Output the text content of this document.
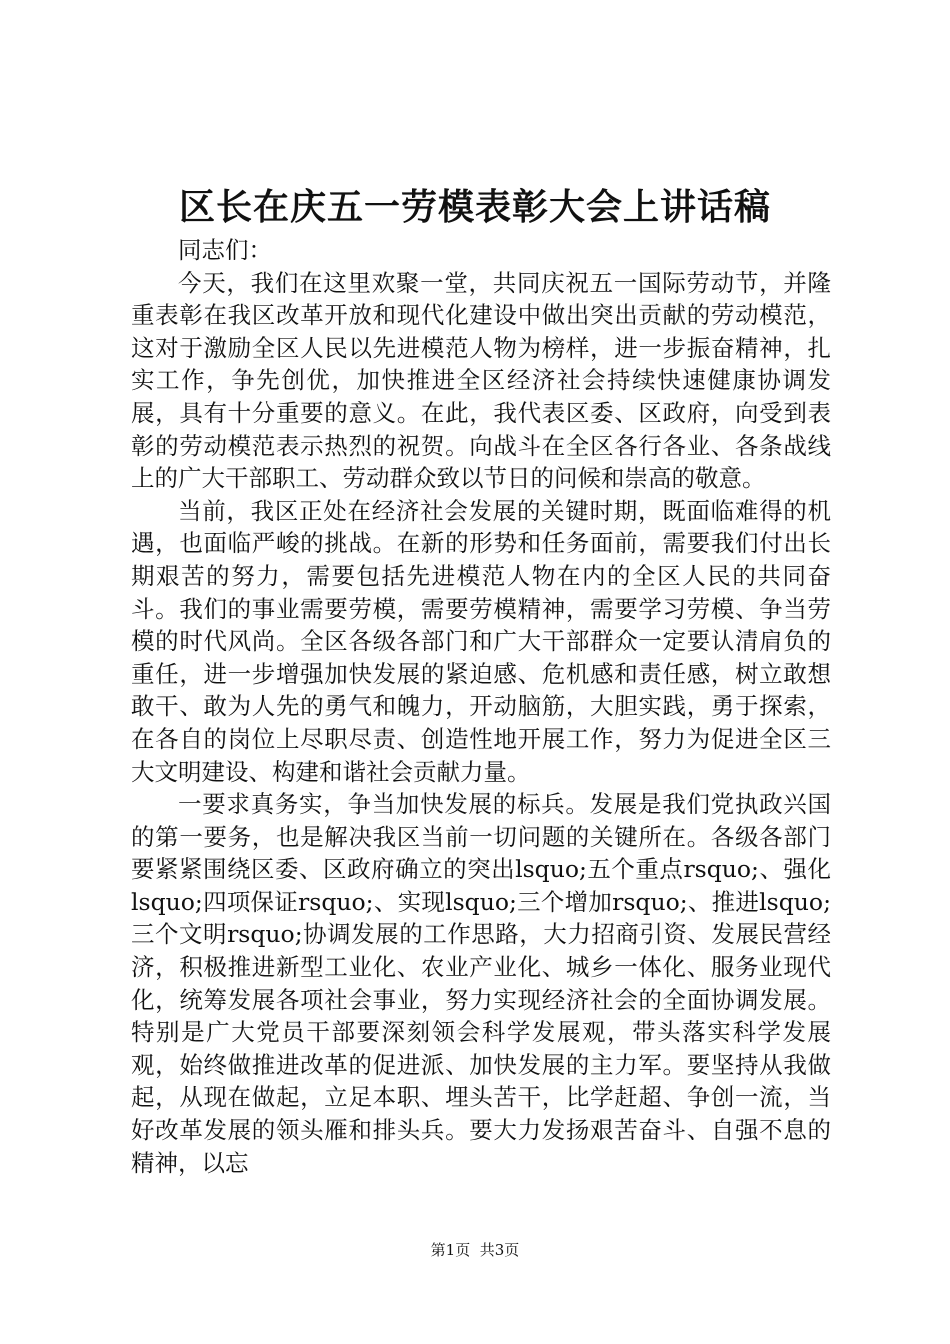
区长在庆五一劳模表彰大会上讲话稿

同志们：

今天，我们在这里欢聚一堂，共同庆祝五一国际劳动节，并隆重表彰在我区改革开放和现代化建设中做出突出贡献的劳动模范，这对于激励全区人民以先进模范人物为榜样，进一步振奋精神，扎实工作，争先创优，加快推进全区经济社会持续快速健康协调发展，具有十分重要的意义。在此，我代表区委、区政府，向受到表彰的劳动模范表示热烈的祝贺。向战斗在全区各行各业、各条战线上的广大干部职工、劳动群众致以节日的问候和崇高的敬意。

当前，我区正处在经济社会发展的关键时期，既面临难得的机遇，也面临严峻的挑战。在新的形势和任务面前，需要我们付出长期艰苦的努力，需要包括先进模范人物在内的全区人民的共同奋斗。我们的事业需要劳模，需要劳模精神，需要学习劳模、争当劳模的时代风尚。全区各级各部门和广大干部群众一定要认清肩负的重任，进一步增强加快发展的紧迫感、危机感和责任感，树立敢想敢干、敢为人先的勇气和魄力，开动脑筋，大胆实践，勇于探索，在各自的岗位上尽职尽责、创造性地开展工作，努力为促进全区三大文明建设、构建和谐社会贡献力量。

一要求真务实，争当加快发展的标兵。发展是我们党执政兴国的第一要务，也是解决我区当前一切问题的关键所在。各级各部门要紧紧围绕区委、区政府确立的突出lsquo;五个重点rsquo;、强化lsquo;四项保证rsquo;、实现lsquo;三个增加rsquo;、推进lsquo;三个文明rsquo;协调发展的工作思路，大力招商引资、发展民营经济，积极推进新型工业化、农业产业化、城乡一体化、服务业现代化，统筹发展各项社会事业，努力实现经济社会的全面协调发展。特别是广大党员干部要深刻领会科学发展观，带头落实科学发展观，始终做推进改革的促进派、加快发展的主力军。要坚持从我做起，从现在做起，立足本职、埋头苦干，比学赶超、争创一流，当好改革发展的领头雁和排头兵。要大力发扬艰苦奋斗、自强不息的精神，以忘

第1页 共3页
